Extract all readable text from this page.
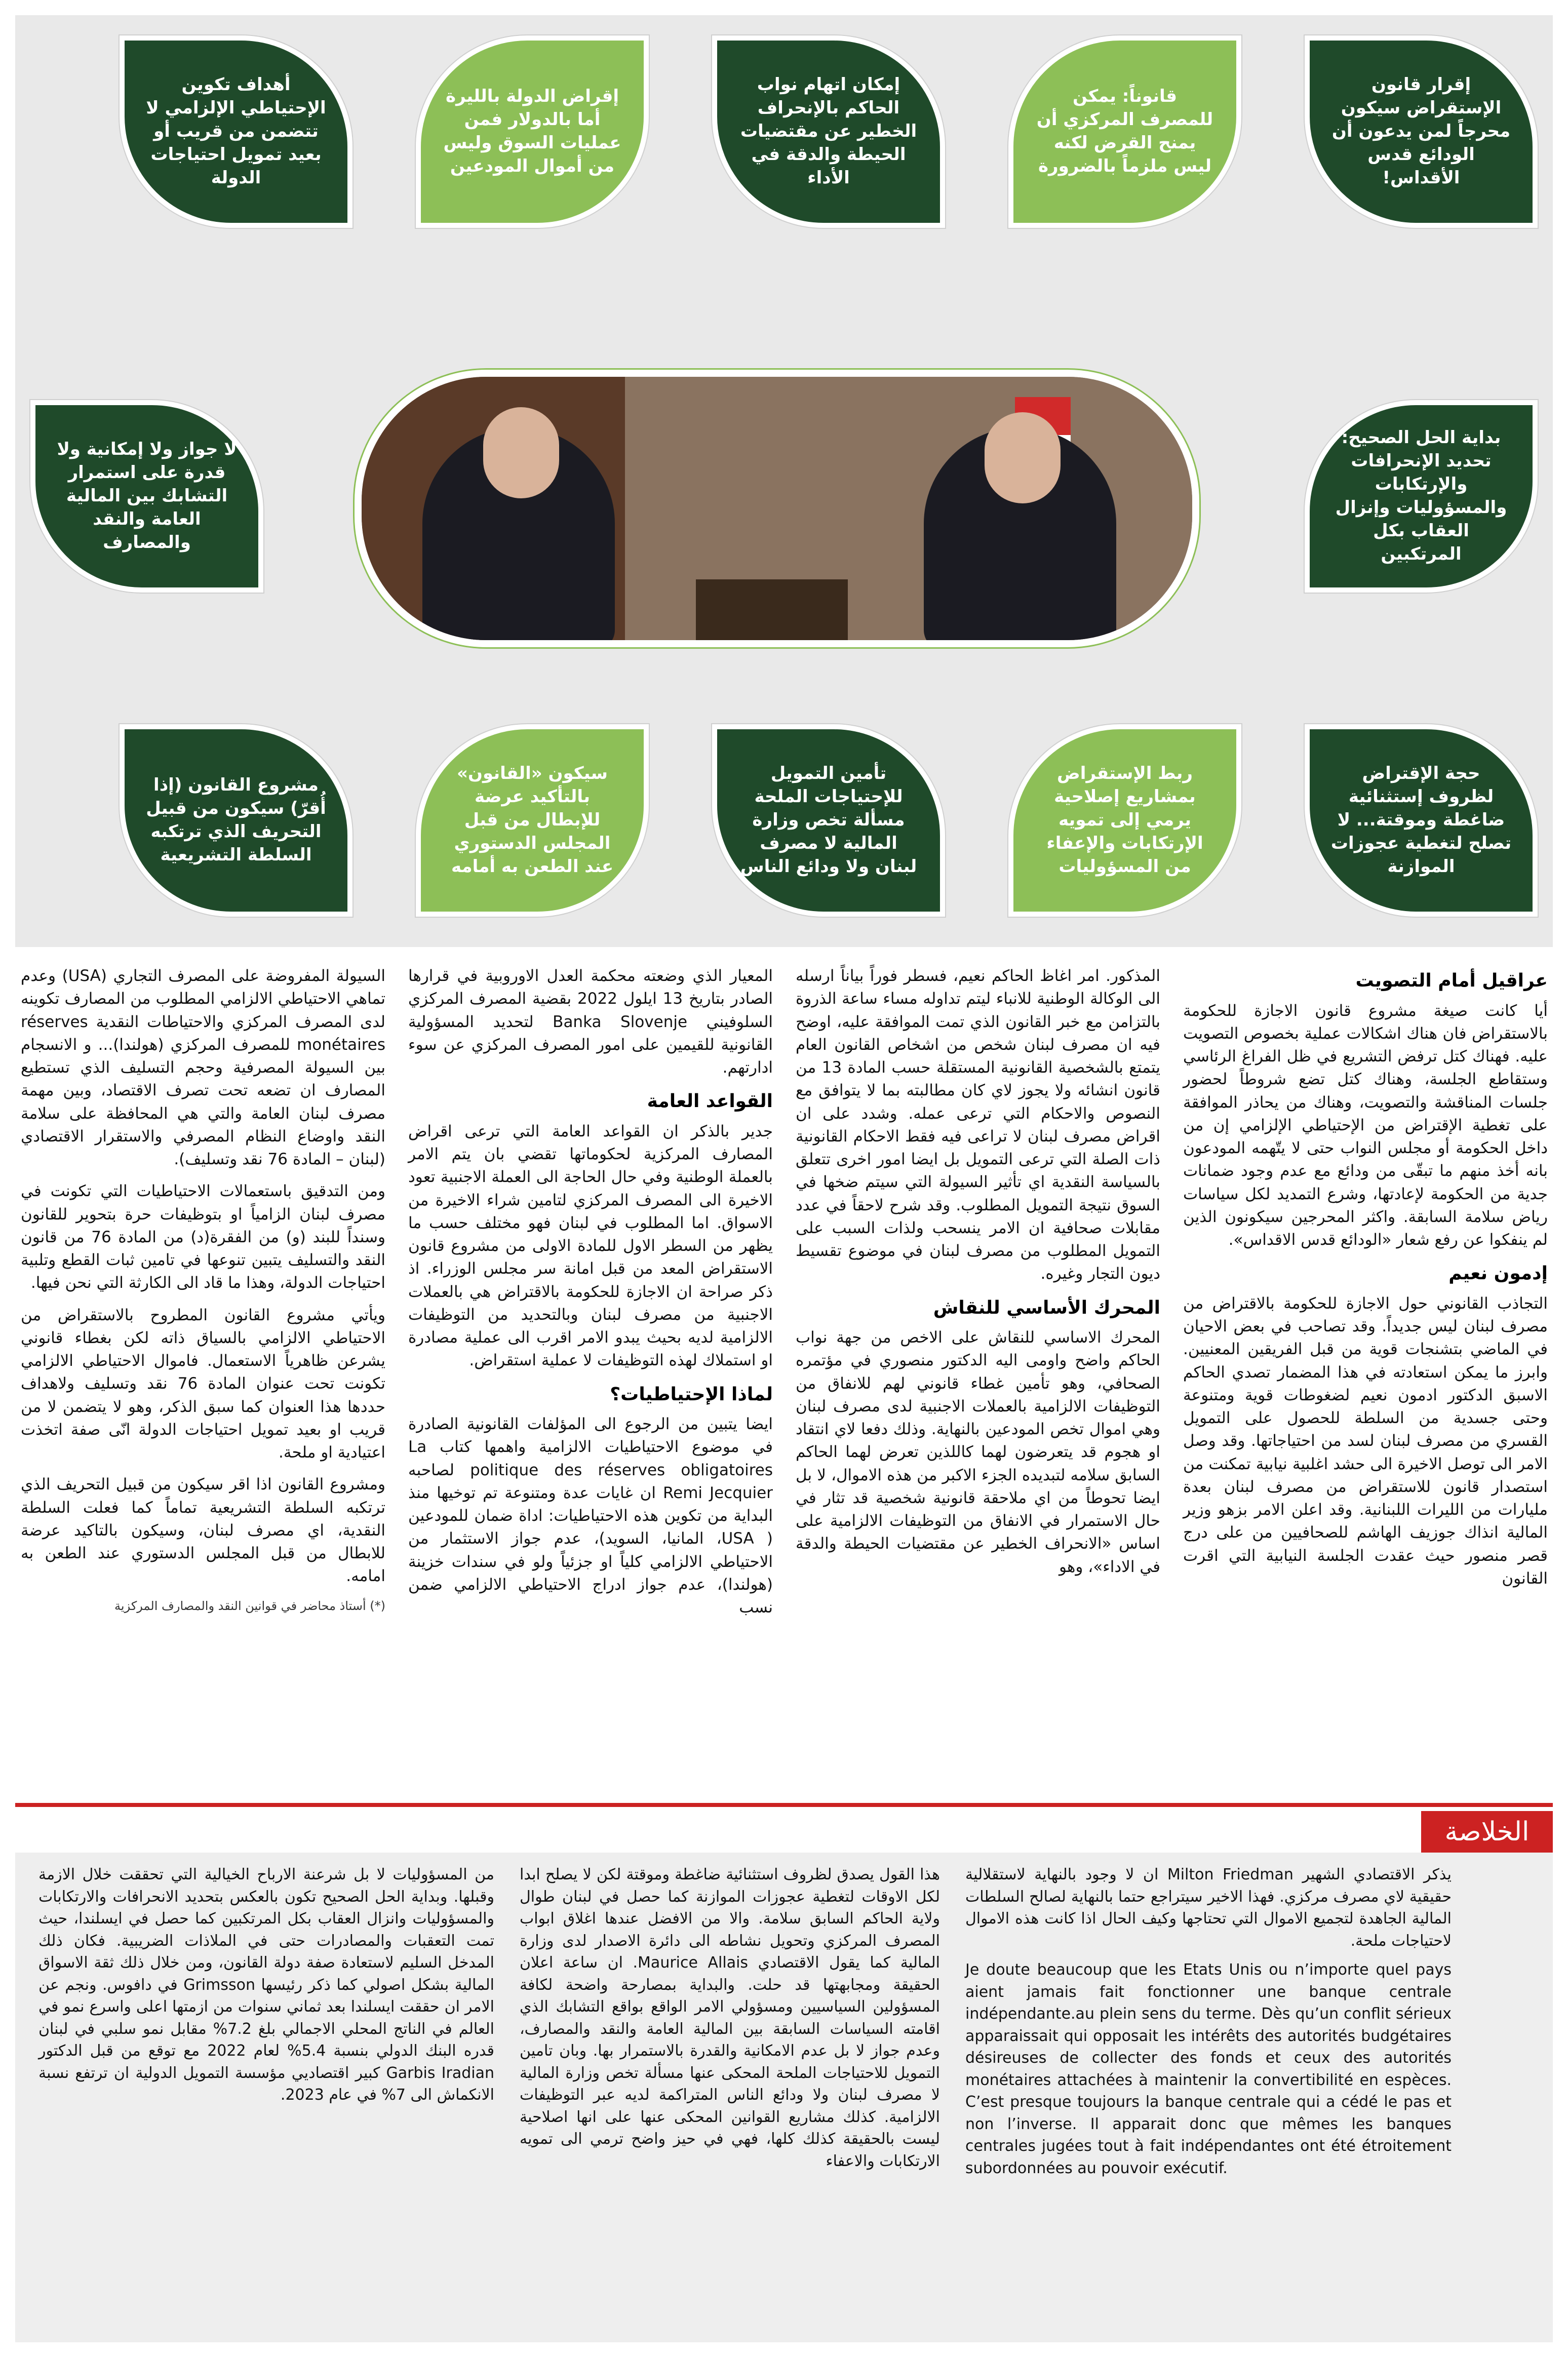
إقرار قانون الإستقراض سيكون محرجاً لمن يدعون أن الودائع قدس الأقداس!
قانوناً: يمكن للمصرف المركزي أن يمنح القرض لكنه ليس ملزماً بالضرورة
إمكان اتهام نواب الحاكم بالإنحراف الخطير عن مقتضيات الحيطة والدقة في الأداء
إقراض الدولة بالليرة أما بالدولار فمن عمليات السوق وليس من أموال المودعين
أهداف تكوين الإحتياطي الإلزامي لا تتضمن من قريب أو بعيد تمويل احتياجات الدولة
بداية الحل الصحيح: تحديد الإنحرافات والإرتكابات والمسؤوليات وإنزال العقاب بكل المرتكبين
لا جواز ولا إمكانية ولا قدرة على استمرار التشابك بين المالية العامة والنقد والمصارف
حجة الإقتراض لظروف إستثنائية ضاغطة وموقتة... لا تصلح لتغطية عجوزات الموازنة
ربط الإستقراض بمشاريع إصلاحية يرمي إلى تمويه الإرتكابات والإعفاء من المسؤوليات
تأمين التمويل للإحتياجات الملحة مسألة تخص وزارة المالية لا مصرف لبنان ولا ودائع الناس
سيكون «القانون» بالتأكيد عرضة للإبطال من قبل المجلس الدستوري عند الطعن به أمامه
مشروع القانون (إذا أُقرّ) سيكون من قبيل التحريف الذي ترتكبه السلطة التشريعية
عراقيل أمام التصويت

أيا كانت صيغة مشروع قانون الاجازة للحكومة بالاستقراض فان هناك اشكالات عملية بخصوص التصويت عليه. فهناك كتل ترفض التشريع في ظل الفراغ الرئاسي وستقاطع الجلسة، وهناك كتل تضع شروطاً لحضور جلسات المناقشة والتصويت، وهناك من يحاذر الموافقة على تغطية الإقتراض من الإحتياطي الإلزامي إن من داخل الحكومة أو مجلس النواب حتى لا يتّهمه المودعون بانه أخذ منهم ما تبقّى من ودائع مع عدم وجود ضمانات جدية من الحكومة لإعادتها، وشرع التمديد لكل سياسات رياض سلامة السابقة. واكثر المحرجين سيكونون الذين لم ينفكوا عن رفع شعار «الودائع قدس الاقداس».

إدمون نعيم

التجاذب القانوني حول الاجازة للحكومة بالاقتراض من مصرف لبنان ليس جديداً. وقد تصاحب في بعض الاحيان في الماضي بتشنجات قوية من قبل الفريقين المعنيين. وابرز ما يمكن استعادته في هذا المضمار تصدي الحاكم الاسبق الدكتور ادمون نعيم لضغوطات قوية ومتنوعة وحتى جسدية من السلطة للحصول على التمويل القسري من مصرف لبنان لسد من احتياجاتها. وقد وصل الامر الى توصل الاخيرة الى حشد اغلبية نيابية تمكنت من استصدار قانون للاستقراض من مصرف لبنان بعدة مليارات من الليرات اللبنانية. وقد اعلن الامر بزهو وزير المالية انذاك جوزيف الهاشم للصحافيين من على درج قصر منصور حيث عقدت الجلسة النيابية التي اقرت القانون

المذكور. امر اغاظ الحاكم نعيم، فسطر فوراً بياناً ارسله الى الوكالة الوطنية للانباء ليتم تداوله مساء ساعة الذروة بالتزامن مع خبر القانون الذي تمت الموافقة عليه، اوضح فيه ان مصرف لبنان شخص من اشخاص القانون العام يتمتع بالشخصية القانونية المستقلة حسب المادة 13 من قانون انشائه ولا يجوز لاي كان مطالبته بما لا يتوافق مع النصوص والاحكام التي ترعى عمله. وشدد على ان اقراض مصرف لبنان لا تراعى فيه فقط الاحكام القانونية ذات الصلة التي ترعى التمويل بل ايضا امور اخرى تتعلق بالسياسة النقدية اي تأثير السيولة التي سيتم ضخها في السوق نتيجة التمويل المطلوب. وقد شرح لاحقاً في عدد مقابلات صحافية ان الامر ينسحب ولذات السبب على التمويل المطلوب من مصرف لبنان في موضوع تقسيط ديون التجار وغيره.

المحرك الأساسي للنقاش

المحرك الاساسي للنقاش على الاخص من جهة نواب الحاكم واضح واومى اليه الدكتور منصوري في مؤتمره الصحافي، وهو تأمين غطاء قانوني لهم للانفاق من التوظيفات الالزامية بالعملات الاجنبية لدى مصرف لبنان وهي اموال تخص المودعين بالنهاية. وذلك دفعا لاي انتقاد او هجوم قد يتعرضون لهما كاللذين تعرض لهما الحاكم السابق سلامه لتبديده الجزء الاكبر من هذه الاموال، لا بل ايضا تحوطاً من اي ملاحقة قانونية شخصية قد تثار في حال الاستمرار في الانفاق من التوظيفات الالزامية على اساس «الانحراف الخطير عن مقتضيات الحيطة والدقة في الاداء»، وهو

المعيار الذي وضعته محكمة العدل الاوروبية في قرارها الصادر بتاريخ 13 ايلول 2022 بقضية المصرف المركزي السلوفيني Banka Slovenje لتحديد المسؤولية القانونية للقيمين على امور المصرف المركزي عن سوء ادارتهم.

القواعد العامة

جدير بالذكر ان القواعد العامة التي ترعى اقراض المصارف المركزية لحكوماتها تقضي بان يتم الامر بالعملة الوطنية وفي حال الحاجة الى العملة الاجنبية تعود الاخيرة الى المصرف المركزي لتامين شراء الاخيرة من الاسواق. اما المطلوب في لبنان فهو مختلف حسب ما يظهر من السطر الاول للمادة الاولى من مشروع قانون الاستقراض المعد من قبل امانة سر مجلس الوزراء. اذ ذكر صراحة ان الاجازة للحكومة بالاقتراض هي بالعملات الاجنبية من مصرف لبنان وبالتحديد من التوظيفات الالزامية لديه بحيث يبدو الامر اقرب الى عملية مصادرة او استملاك لهذه التوظيفات لا عملية استقراض.

لماذا الإحتياطيات؟

ايضا يتبين من الرجوع الى المؤلفات القانونية الصادرة في موضوع الاحتياطيات الالزامية واهمها كتاب La politique des réserves obligatoires لصاحبه Remi Jecquier ان غايات عدة ومتنوعة تم توخيها منذ البداية من تكوين هذه الاحتياطيات: اداة ضمان للمودعين ( USA، المانيا، السويد)، عدم جواز الاستثمار من الاحتياطي الالزامي كلياً او جزئياً ولو في سندات خزينة (هولندا)، عدم جواز ادراج الاحتياطي الالزامي ضمن نسب

السيولة المفروضة على المصرف التجاري (USA) وعدم تماهي الاحتياطي الالزامي المطلوب من المصارف تكوينه لدى المصرف المركزي والاحتياطات النقدية réserves monétaires للمصرف المركزي (هولندا)... و الانسجام بين السيولة المصرفية وحجم التسليف الذي تستطيع المصارف ان تضعه تحت تصرف الاقتصاد، وبين مهمة مصرف لبنان العامة والتي هي المحافظة على سلامة النقد واوضاع النظام المصرفي والاستقرار الاقتصادي (لبنان – المادة 76 نقد وتسليف).

ومن التدقيق باستعمالات الاحتياطيات التي تكونت في مصرف لبنان الزامياً او بتوظيفات حرة بتحوير للقانون وسنداً للبند (و) من الفقرة(د) من المادة 76 من قانون النقد والتسليف يتبين تنوعها في تامين ثبات القطع وتلبية احتياجات الدولة، وهذا ما قاد الى الكارثة التي نحن فيها.

ويأتي مشروع القانون المطروح بالاستقراض من الاحتياطي الالزامي بالسياق ذاته لكن بغطاء قانوني يشرعن ظاهرياً الاستعمال. فاموال الاحتياطي الالزامي تكونت تحت عنوان المادة 76 نقد وتسليف ولاهداف حددها هذا العنوان كما سبق الذكر، وهو لا يتضمن لا من قريب او بعيد تمويل احتياجات الدولة انّى صفة اتخذت اعتيادية او ملحة.

ومشروع القانون اذا اقر سيكون من قبيل التحريف الذي ترتكبه السلطة التشريعية تماماً كما فعلت السلطة النقدية، اي مصرف لبنان، وسيكون بالتاكيد عرضة للابطال من قبل المجلس الدستوري عند الطعن به امامه.

(*) أستاذ محاضر في قوانين النقد والمصارف المركزية
الخلاصة

يذكر الاقتصادي الشهير Milton Friedman ان لا وجود بالنهاية لاستقلالية حقيقية لاي مصرف مركزي. فهذا الاخير سيتراجع حتما بالنهاية لصالح السلطات المالية الجاهدة لتجميع الاموال التي تحتاجها وكيف الحال اذا كانت هذه الاموال لاحتياجات ملحة.

Je doute beaucoup que les Etats Unis ou n’importe quel pays aient jamais fait fonctionner une banque centrale indépendante.au plein sens du terme. Dès qu’un conflit sérieux apparaissait qui opposait les intérêts des autorités budgétaires désireuses de collecter des fonds et ceux des autorités monétaires attachées à maintenir la convertibilité en espèces. C’est presque toujours la banque centrale qui a cédé le pas et non l’inverse. Il apparait donc que mêmes les banques centrales jugées tout à fait indépendantes ont été étroitement subordonnées au pouvoir exécutif.

هذا القول يصدق لظروف استثنائية ضاغطة وموقتة لكن لا يصلح ابدا لكل الاوقات لتغطية عجوزات الموازنة كما حصل في لبنان طوال ولاية الحاكم السابق سلامة. والا من الافضل عندها اغلاق ابواب المصرف المركزي وتحويل نشاطه الى دائرة الاصدار لدى وزارة المالية كما يقول الاقتصادي Maurice Allais. ان ساعة اعلان الحقيقة ومجابهتها قد حلت. والبداية بمصارحة واضحة لكافة المسؤولين السياسيين ومسؤولي الامر الواقع بواقع التشابك الذي اقامته السياسات السابقة بين المالية العامة والنقد والمصارف، وعدم جواز لا بل عدم الامكانية والقدرة بالاستمرار بها. وبان تامين التمويل للاحتياجات الملحة المحكى عنها مسألة تخص وزارة المالية لا مصرف لبنان ولا ودائع الناس المتراكمة لديه عبر التوظيفات الالزامية. كذلك مشاريع القوانين المحكى عنها على انها اصلاحية ليست بالحقيقة كذلك كلها، فهي في حيز واضح ترمي الى تمويه الارتكابات والاعفاء

من المسؤوليات لا بل شرعنة الارباح الخيالية التي تحققت خلال الازمة وقبلها. وبداية الحل الصحيح تكون بالعكس بتحديد الانحرافات والارتكابات والمسؤوليات وانزال العقاب بكل المرتكبين كما حصل في ايسلندا، حيث تمت التعقبات والمصادرات حتى في الملاذات الضريبية. فكان ذلك المدخل السليم لاستعادة صفة دولة القانون، ومن خلال ذلك ثقة الاسواق المالية بشكل اصولي كما ذكر رئيسها Grimsson في دافوس. ونجم عن الامر ان حققت ايسلندا بعد ثماني سنوات من ازمتها اعلى واسرع نمو في العالم في الناتج المحلي الاجمالي بلغ 7.2% مقابل نمو سلبي في لبنان قدره البنك الدولي بنسبة 5.4% لعام 2022 مع توقع من قبل الدكتور Garbis Iradian كبير اقتصاديي مؤسسة التمويل الدولية ان ترتفع نسبة الانكماش الى 7% في عام 2023.
